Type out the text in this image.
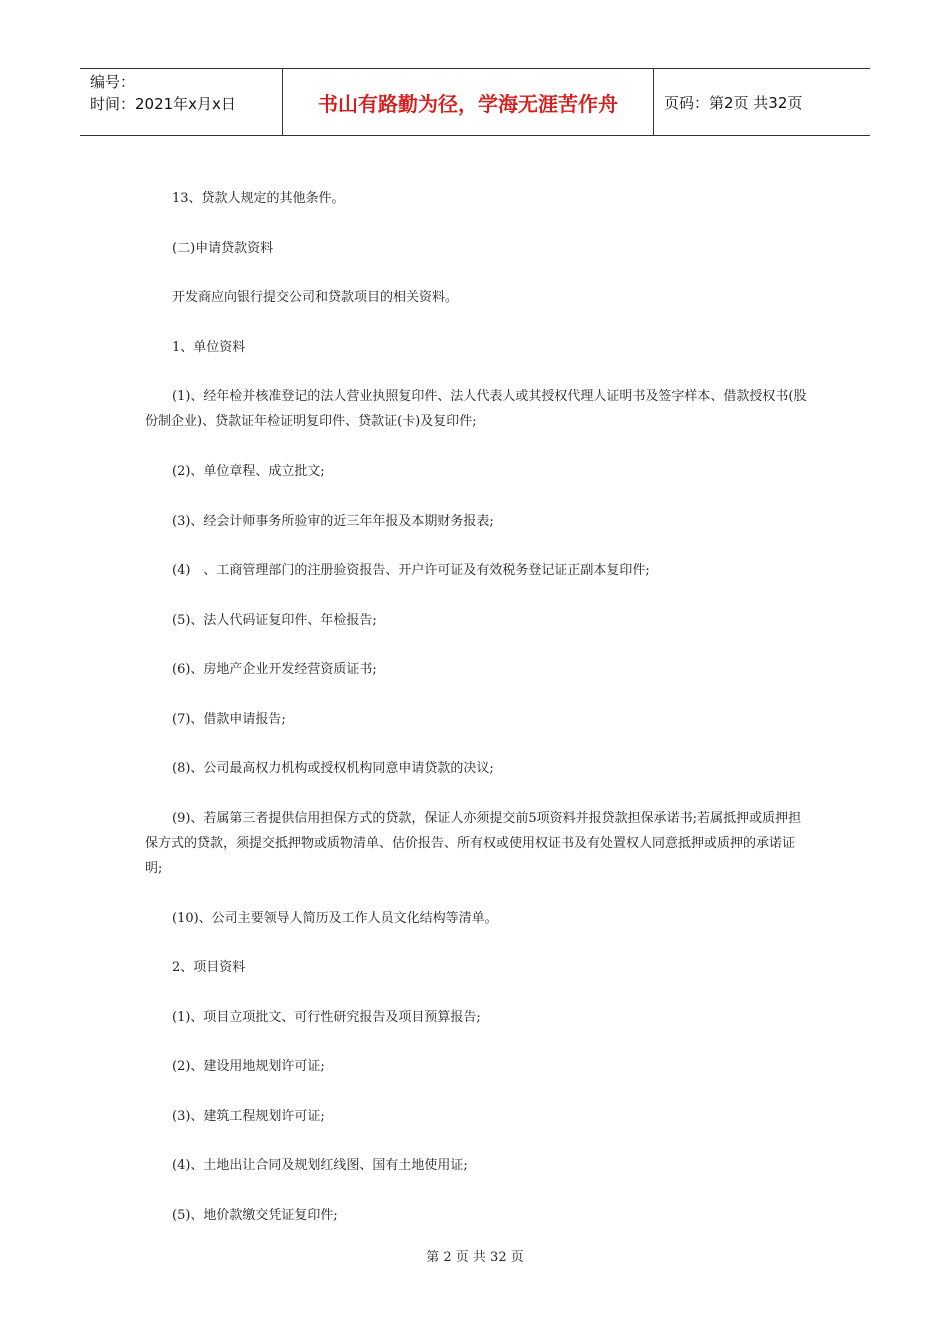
编号：
时间：2021年x月x日	书山有路勤为径，学海无涯苦作舟	页码：第2页 共32页

13、贷款人规定的其他条件。

(二)申请贷款资料

开发商应向银行提交公司和贷款项目的相关资料。

1、单位资料

(1)、经年检并核准登记的法人营业执照复印件、法人代表人或其授权代理人证明书及签字样本、借款授权书(股份制企业)、贷款证年检证明复印件、贷款证(卡)及复印件;

(2)、单位章程、成立批文;

(3)、经会计师事务所验审的近三年年报及本期财务报表;

(4)　、工商管理部门的注册验资报告、开户许可证及有效税务登记证正副本复印件;

(5)、法人代码证复印件、年检报告;

(6)、房地产企业开发经营资质证书;

(7)、借款申请报告;

(8)、公司最高权力机构或授权机构同意申请贷款的决议;

(9)、若属第三者提供信用担保方式的贷款，保证人亦须提交前5项资料并报贷款担保承诺书;若属抵押或质押担保方式的贷款，须提交抵押物或质物清单、估价报告、所有权或使用权证书及有处置权人同意抵押或质押的承诺证明;

(10)、公司主要领导人简历及工作人员文化结构等清单。

2、项目资料

(1)、项目立项批文、可行性研究报告及项目预算报告;

(2)、建设用地规划许可证;

(3)、建筑工程规划许可证;

(4)、土地出让合同及规划红线图、国有土地使用证;

(5)、地价款缴交凭证复印件;

第 2 页 共 32 页
